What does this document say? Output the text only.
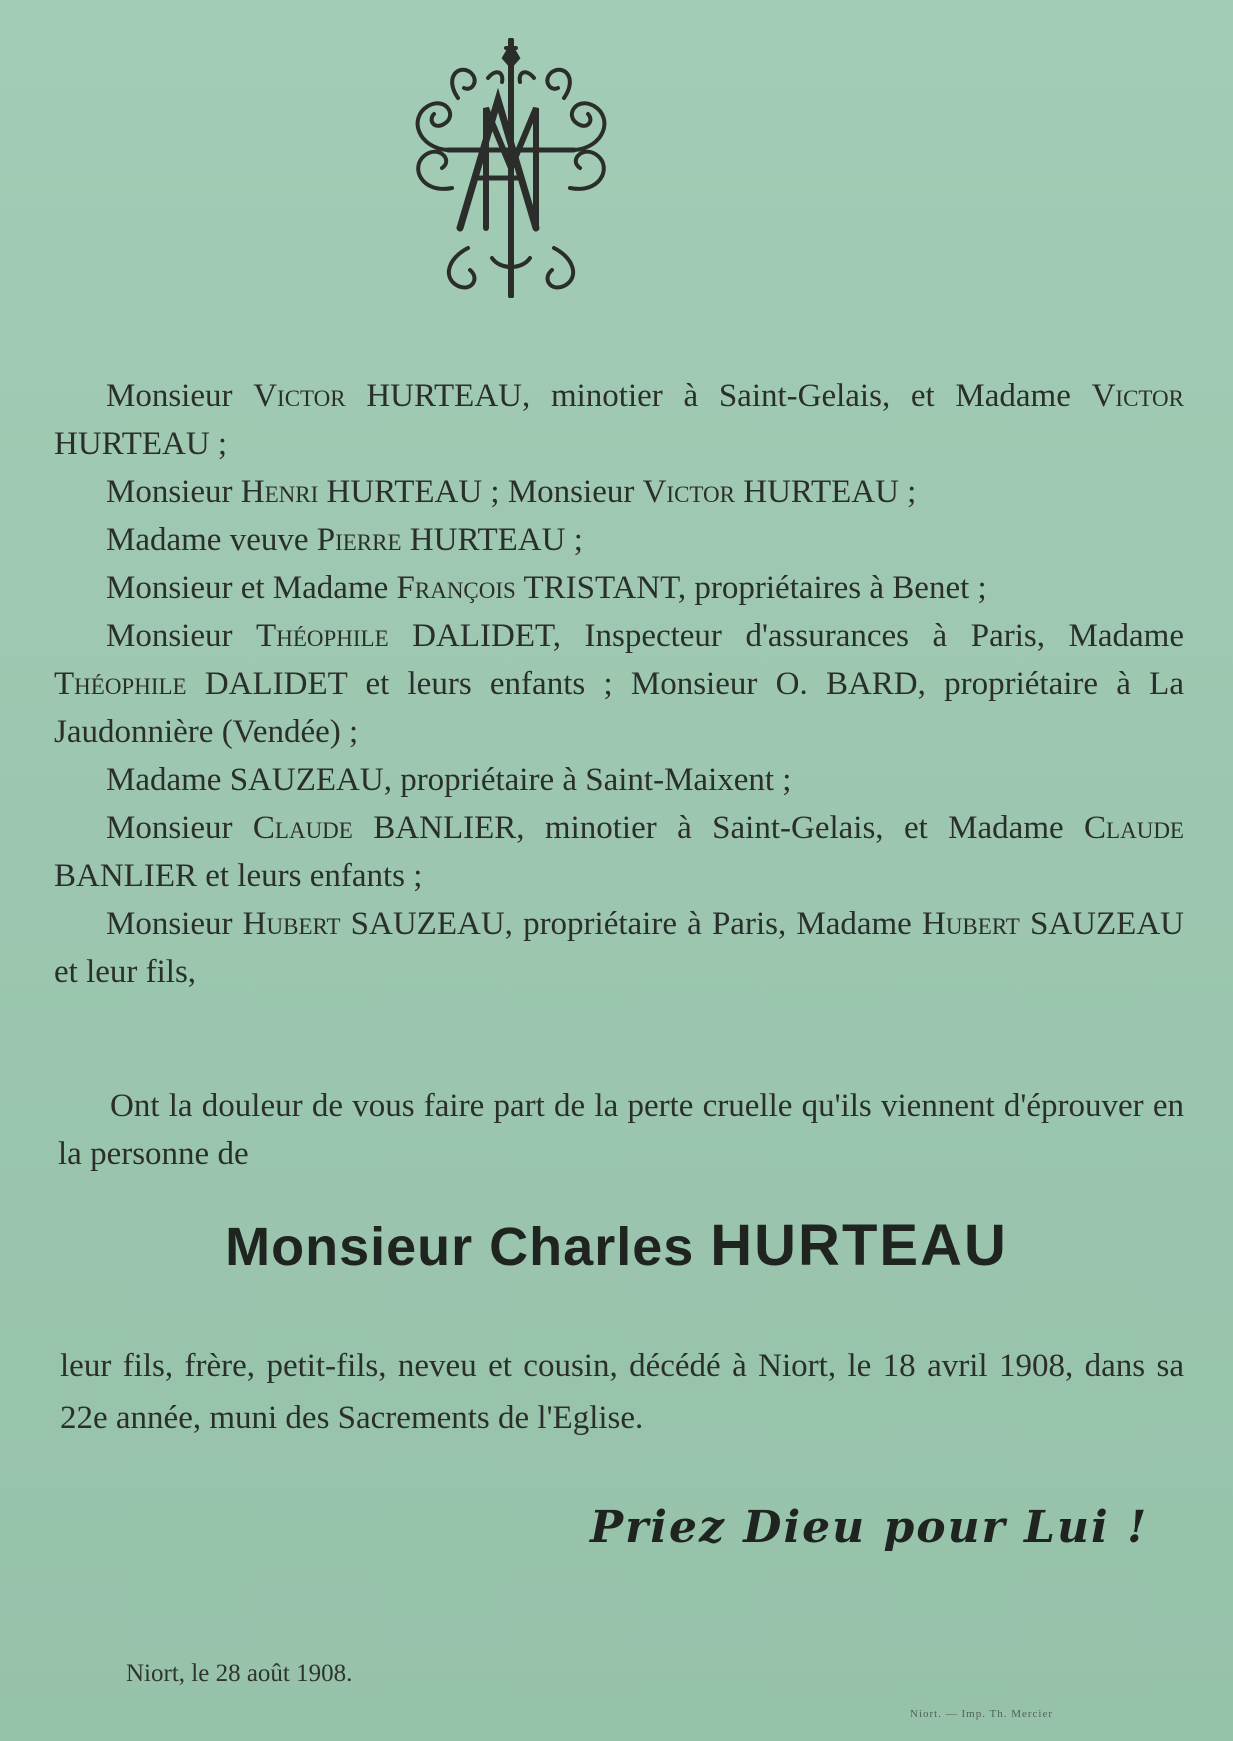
Monsieur Victor HURTEAU, minotier à Saint-Gelais, et Madame Victor HURTEAU ;

Monsieur Henri HURTEAU ; Monsieur Victor HURTEAU ;

Madame veuve Pierre HURTEAU ;

Monsieur et Madame François TRISTANT, propriétaires à Benet ;

Monsieur Théophile DALIDET, Inspecteur d'assurances à Paris, Madame Théophile DALIDET et leurs enfants ; Monsieur O. BARD, propriétaire à La Jaudonnière (Vendée) ;

Madame SAUZEAU, propriétaire à Saint-Maixent ;

Monsieur Claude BANLIER, minotier à Saint-Gelais, et Madame Claude BANLIER et leurs enfants ;

Monsieur Hubert SAUZEAU, propriétaire à Paris, Madame Hubert SAUZEAU et leur fils,

Ont la douleur de vous faire part de la perte cruelle qu'ils viennent d'éprouver en la personne de

Monsieur Charles HURTEAU

leur fils, frère, petit-fils, neveu et cousin, décédé à Niort, le 18 avril 1908, dans sa 22e année, muni des Sacrements de l'Eglise.

Priez Dieu pour Lui !
Niort, le 28 août 1908.
Niort. — Imp. Th. Mercier
